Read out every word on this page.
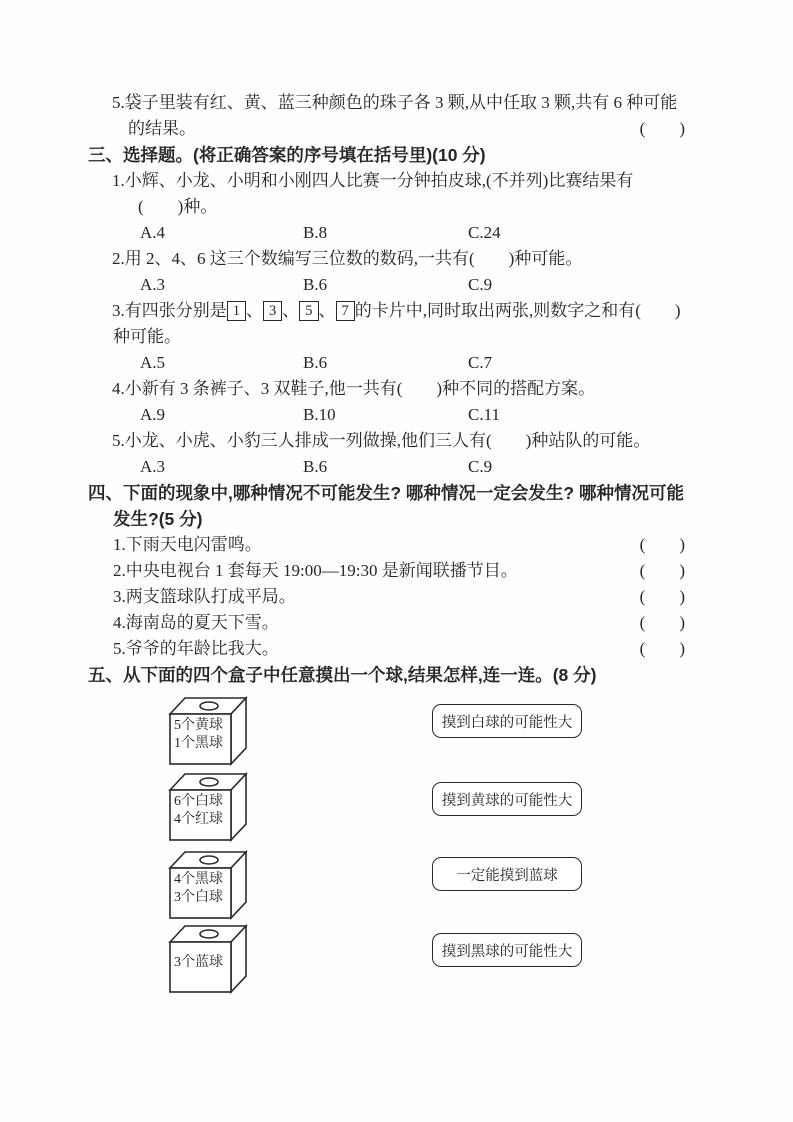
5.袋子里装有红、黄、蓝三种颜色的珠子各 3 颗,从中任取 3 颗,共有 6 种可能
的结果。	(　　)
三、选择题。(将正确答案的序号填在括号里)(10 分)
1.小辉、小龙、小明和小刚四人比赛一分钟拍皮球,(不并列)比赛结果有
(　　)种。
A.4	B.8	C.24
2.用 2、4、6 这三个数编写三位数的数码,一共有(　　)种可能。
A.3	B.6	C.9
3.有四张分别是 1 、 3 、 5 、 7 的卡片中,同时取出两张,则数字之和有(　　)
种可能。
A.5	B.6	C.7
4.小新有 3 条裤子、3 双鞋子,他一共有(　　)种不同的搭配方案。
A.9	B.10	C.11
5.小龙、小虎、小豹三人排成一列做操,他们三人有(　　)种站队的可能。
A.3	B.6	C.9
四、下面的现象中,哪种情况不可能发生? 哪种情况一定会发生? 哪种情况可能
发生?(5 分)
1.下雨天电闪雷鸣。	(　　)
2.中央电视台 1 套每天 19:00—19:30 是新闻联播节目。	(　　)
3.两支篮球队打成平局。	(　　)
4.海南岛的夏天下雪。	(　　)
5.爷爷的年龄比我大。	(　　)
五、从下面的四个盒子中任意摸出一个球,结果怎样,连一连。(8 分)
5个黄球
1个黑球
摸到白球的可能性大
6个白球
4个红球
摸到黄球的可能性大
4个黑球
3个白球
一定能摸到蓝球
3个蓝球
摸到黑球的可能性大
